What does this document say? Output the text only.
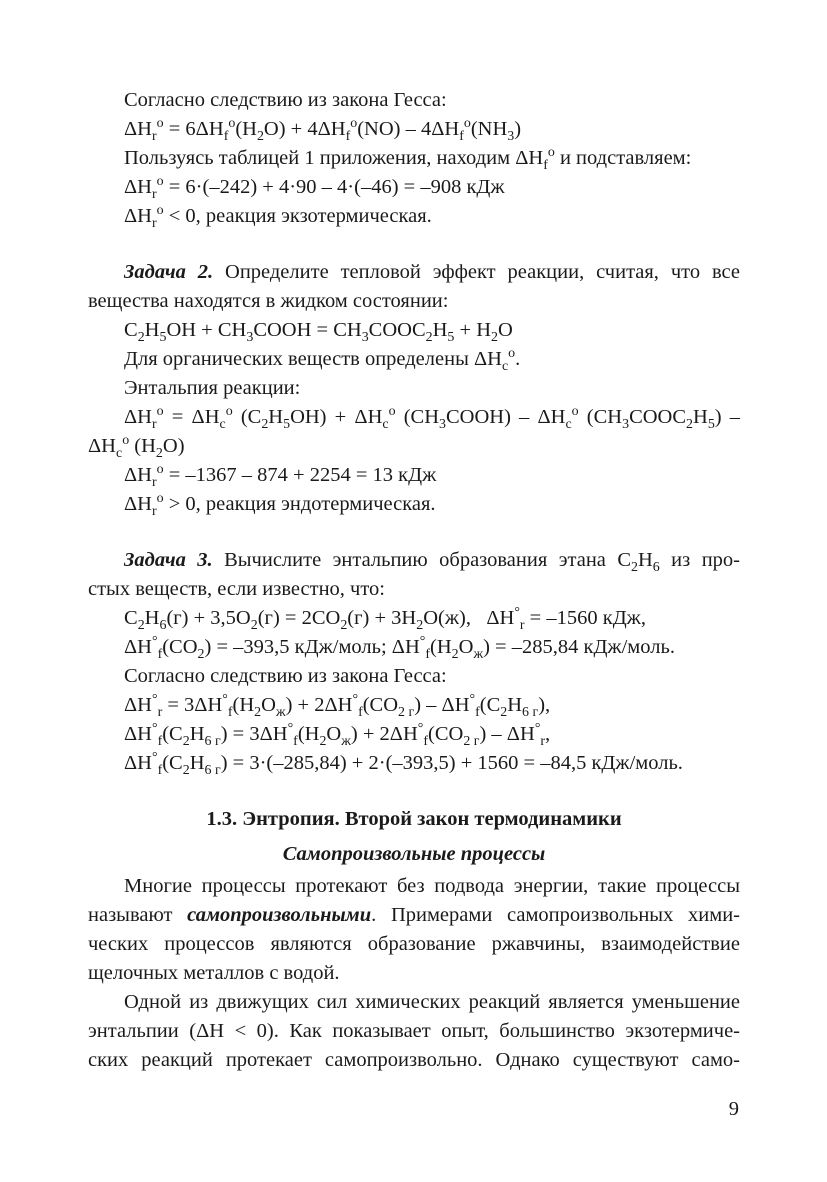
Согласно следствию из закона Гесса:
$\Delta H_r^o = 6\Delta H_f^o(H_2O) + 4\Delta H_f^o(NO) - 4\Delta H_f^o(NH_3)$
Пользуясь таблицей 1 приложения, находим $\Delta H_f^o$ и подставляем:
$\Delta H_r^o = 6\cdot(-242) + 4\cdot 90 - 4\cdot(-46) = -908$ кДж
$\Delta H_r^o < 0$, реакция экзотермическая.
Задача 2. Определите тепловой эффект реакции, считая, что все
вещества находятся в жидком состоянии:
$C_2H_5OH$ + $CH_3COOH$ = $CH_3COOC_2H_5 + H_2O$
Для органических веществ определены $\Delta H_c^o$.
Энтальпия реакции:
$\Delta H_r^o = \Delta H_c^o$ $(C_2H_5OH) + \Delta H_c^o$ $(CH_3COOH) - \Delta H_c^o$ $(CH_3COOC_2H_5)$ –
$\Delta H_c^o$ $(H_2O)$
$\Delta H_r^o = -1367 - 874 + 2254 = 13$ кДж
$\Delta H_r^o > 0$, реакция эндотермическая.
Задача 3. Вычислите энтальпию образования этана $C_2H_6$ из про-
стых веществ, если известно, что:
$C_2H_6(г) + 3,5O_2(г) = 2CO_2(г) + 3H_2O(ж)$,   $\Delta H^\circ_r = -1560$ кДж,
$\Delta H^\circ_f(CO_2) = -393,5$ кДж/моль; $\Delta H^\circ_f(H_2O_ж) = -285,84$ кДж/моль.
Согласно следствию из закона Гесса:
$\Delta H^\circ_r = 3\Delta H^\circ_f(H_2O_ж) + 2\Delta H^\circ_f(CO_{2 г}) - \Delta H^\circ_f(C_2H_{6 г})$,
$\Delta H^\circ_f(C_2H_{6 г}) = 3\Delta H^\circ_f(H_2O_ж) + 2\Delta H^\circ_f(CO_{2 г}) - \Delta H^\circ_r$,
$\Delta H^\circ_f(C_2H_{6 г}) = 3\cdot(-285,84) + 2\cdot(-393,5) + 1560 = -84,5$ кДж/моль.
1.3. Энтропия. Второй закон термодинамики
Самопроизвольные процессы
Многие процессы протекают без подвода энергии, такие процессы
называют самопроизвольными. Примерами самопроизвольных хими-
ческих процессов являются образование ржавчины, взаимодействие
щелочных металлов с водой.
Одной из движущих сил химических реакций является уменьшение
энтальпии (ΔH < 0). Как показывает опыт, большинство экзотермиче-
ских реакций протекает самопроизвольно. Однако существуют само-
9
